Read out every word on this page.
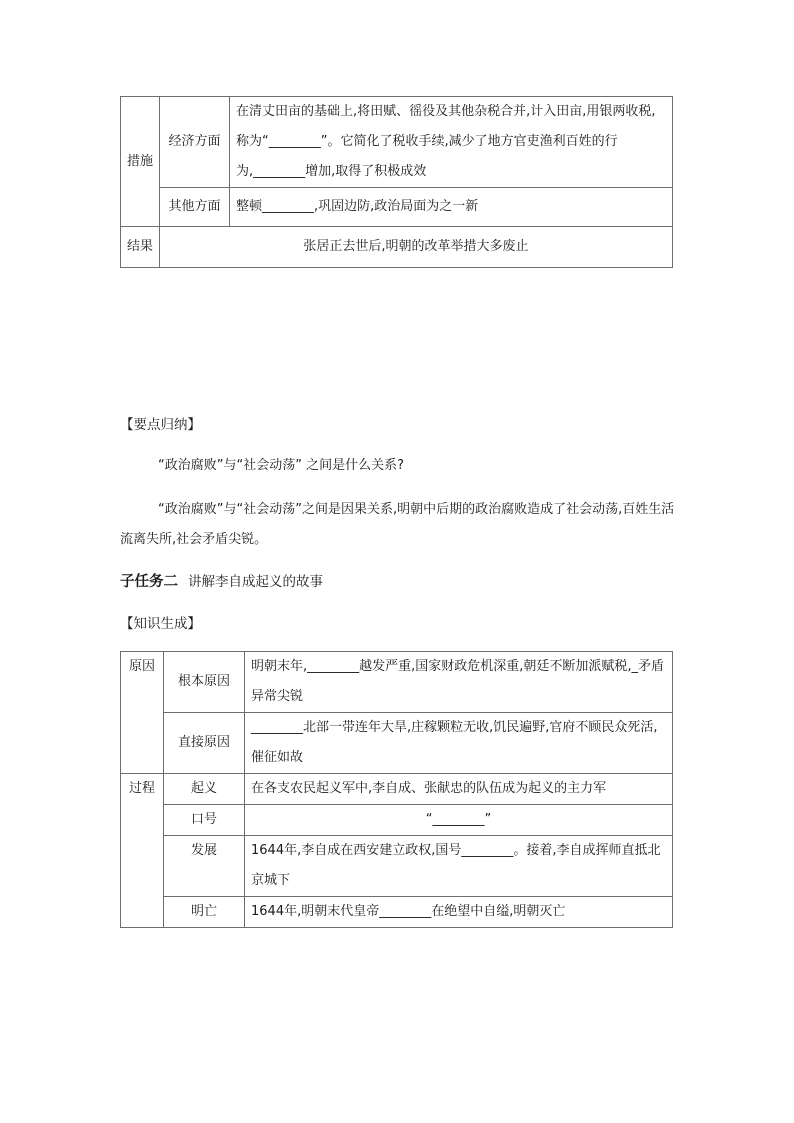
措施	经济方面	在清丈田亩的基础上,将田赋、徭役及其他杂税合并,计入田亩,用银两收税,称为“________”。它简化了税收手续,减少了地方官吏渔利百姓的行为,________增加,取得了积极成效
	其他方面	整顿________,巩固边防,政治局面为之一新
结果	张居正去世后,明朝的改革举措大多废止	
【要点归纳】
“政治腐败”与“社会动荡” 之间是什么关系?
“政治腐败”与“社会动荡”之间是因果关系,明朝中后期的政治腐败造成了社会动荡,百姓生活流离失所,社会矛盾尖锐。
子任务二 讲解李自成起义的故事
【知识生成】
原因	根本原因	明朝末年,________越发严重,国家财政危机深重,朝廷不断加派赋税,_矛盾异常尖锐
	直接原因	________北部一带连年大旱,庄稼颗粒无收,饥民遍野,官府不顾民众死活,催征如故
过程	起义	在各支农民起义军中,李自成、张献忠的队伍成为起义的主力军
	口号	“________”
	发展	1644年,李自成在西安建立政权,国号________。接着,李自成挥师直抵北京城下
	明亡	1644年,明朝末代皇帝________在绝望中自缢,明朝灭亡
